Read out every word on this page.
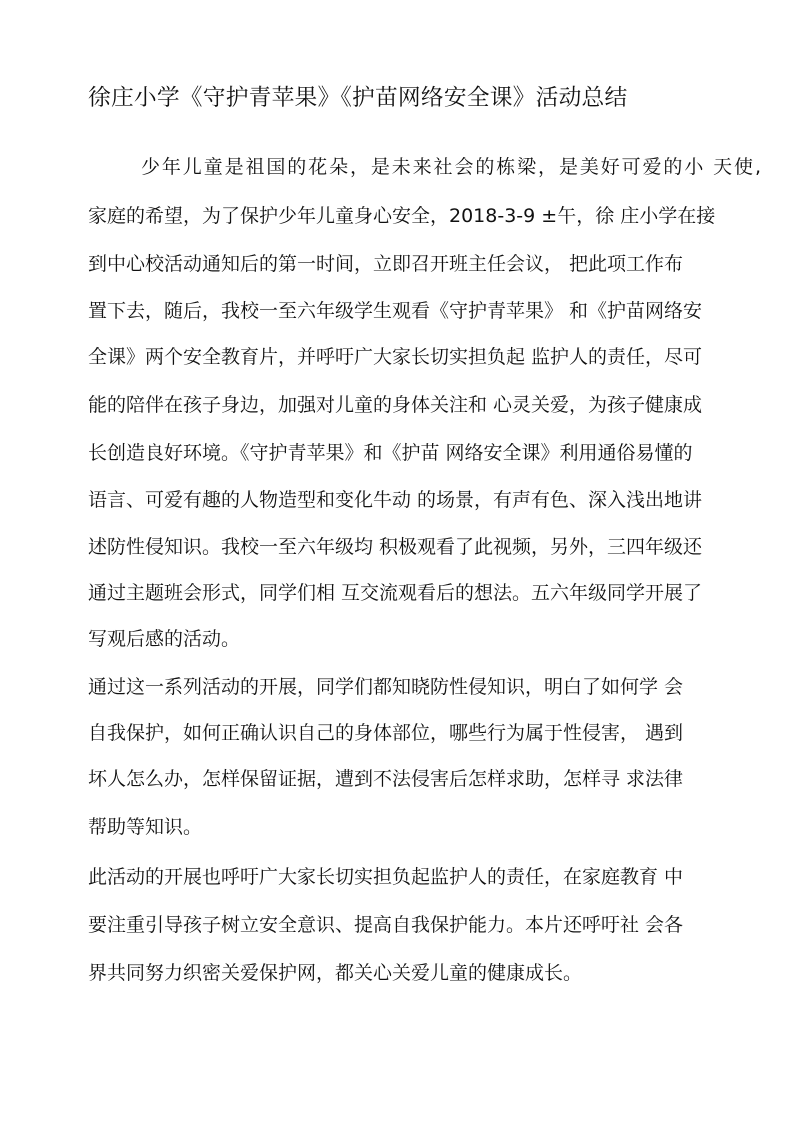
徐庄小学《守护青苹果》《护苗网络安全课》活动总结
少年儿童是祖国的花朵，是未来社会的栋梁，是美好可爱的小 天使,
家庭的希望，为了保护少年儿童身心安全，2018-3-9 ±午，徐 庄小学在接
到中心校活动通知后的第一时间，立即召开班主任会议， 把此项工作布
置下去，随后，我校一至六年级学生观看《守护青苹果》 和《护苗网络安
全课》两个安全教育片，并呼吁广大家长切实担负起 监护人的责任，尽可
能的陪伴在孩子身边，加强对儿童的身体关注和 心灵关爱，为孩子健康成
长创造良好环境。《守护青苹果》和《护苗 网络安全课》利用通俗易懂的
语言、可爱有趣的人物造型和变化牛动 的场景，有声有色、深入浅出地讲
述防性侵知识。我校一至六年级均 积极观看了此视频，另外，三四年级还
通过主题班会形式，同学们相 互交流观看后的想法。五六年级同学开展了
写观后感的活动。
通过这一系列活动的开展，同学们都知晓防性侵知识，明白了如何学 会
自我保护，如何正确认识自己的身体部位，哪些行为属于性侵害， 遇到
坏人怎么办，怎样保留证据，遭到不法侵害后怎样求助，怎样寻 求法律
帮助等知识。
此活动的开展也呼吁广大家长切实担负起监护人的责任，在家庭教育 中
要注重引导孩子树立安全意识、提高自我保护能力。本片还呼吁社 会各
界共同努力织密关爱保护网，都关心关爱儿童的健康成长。
